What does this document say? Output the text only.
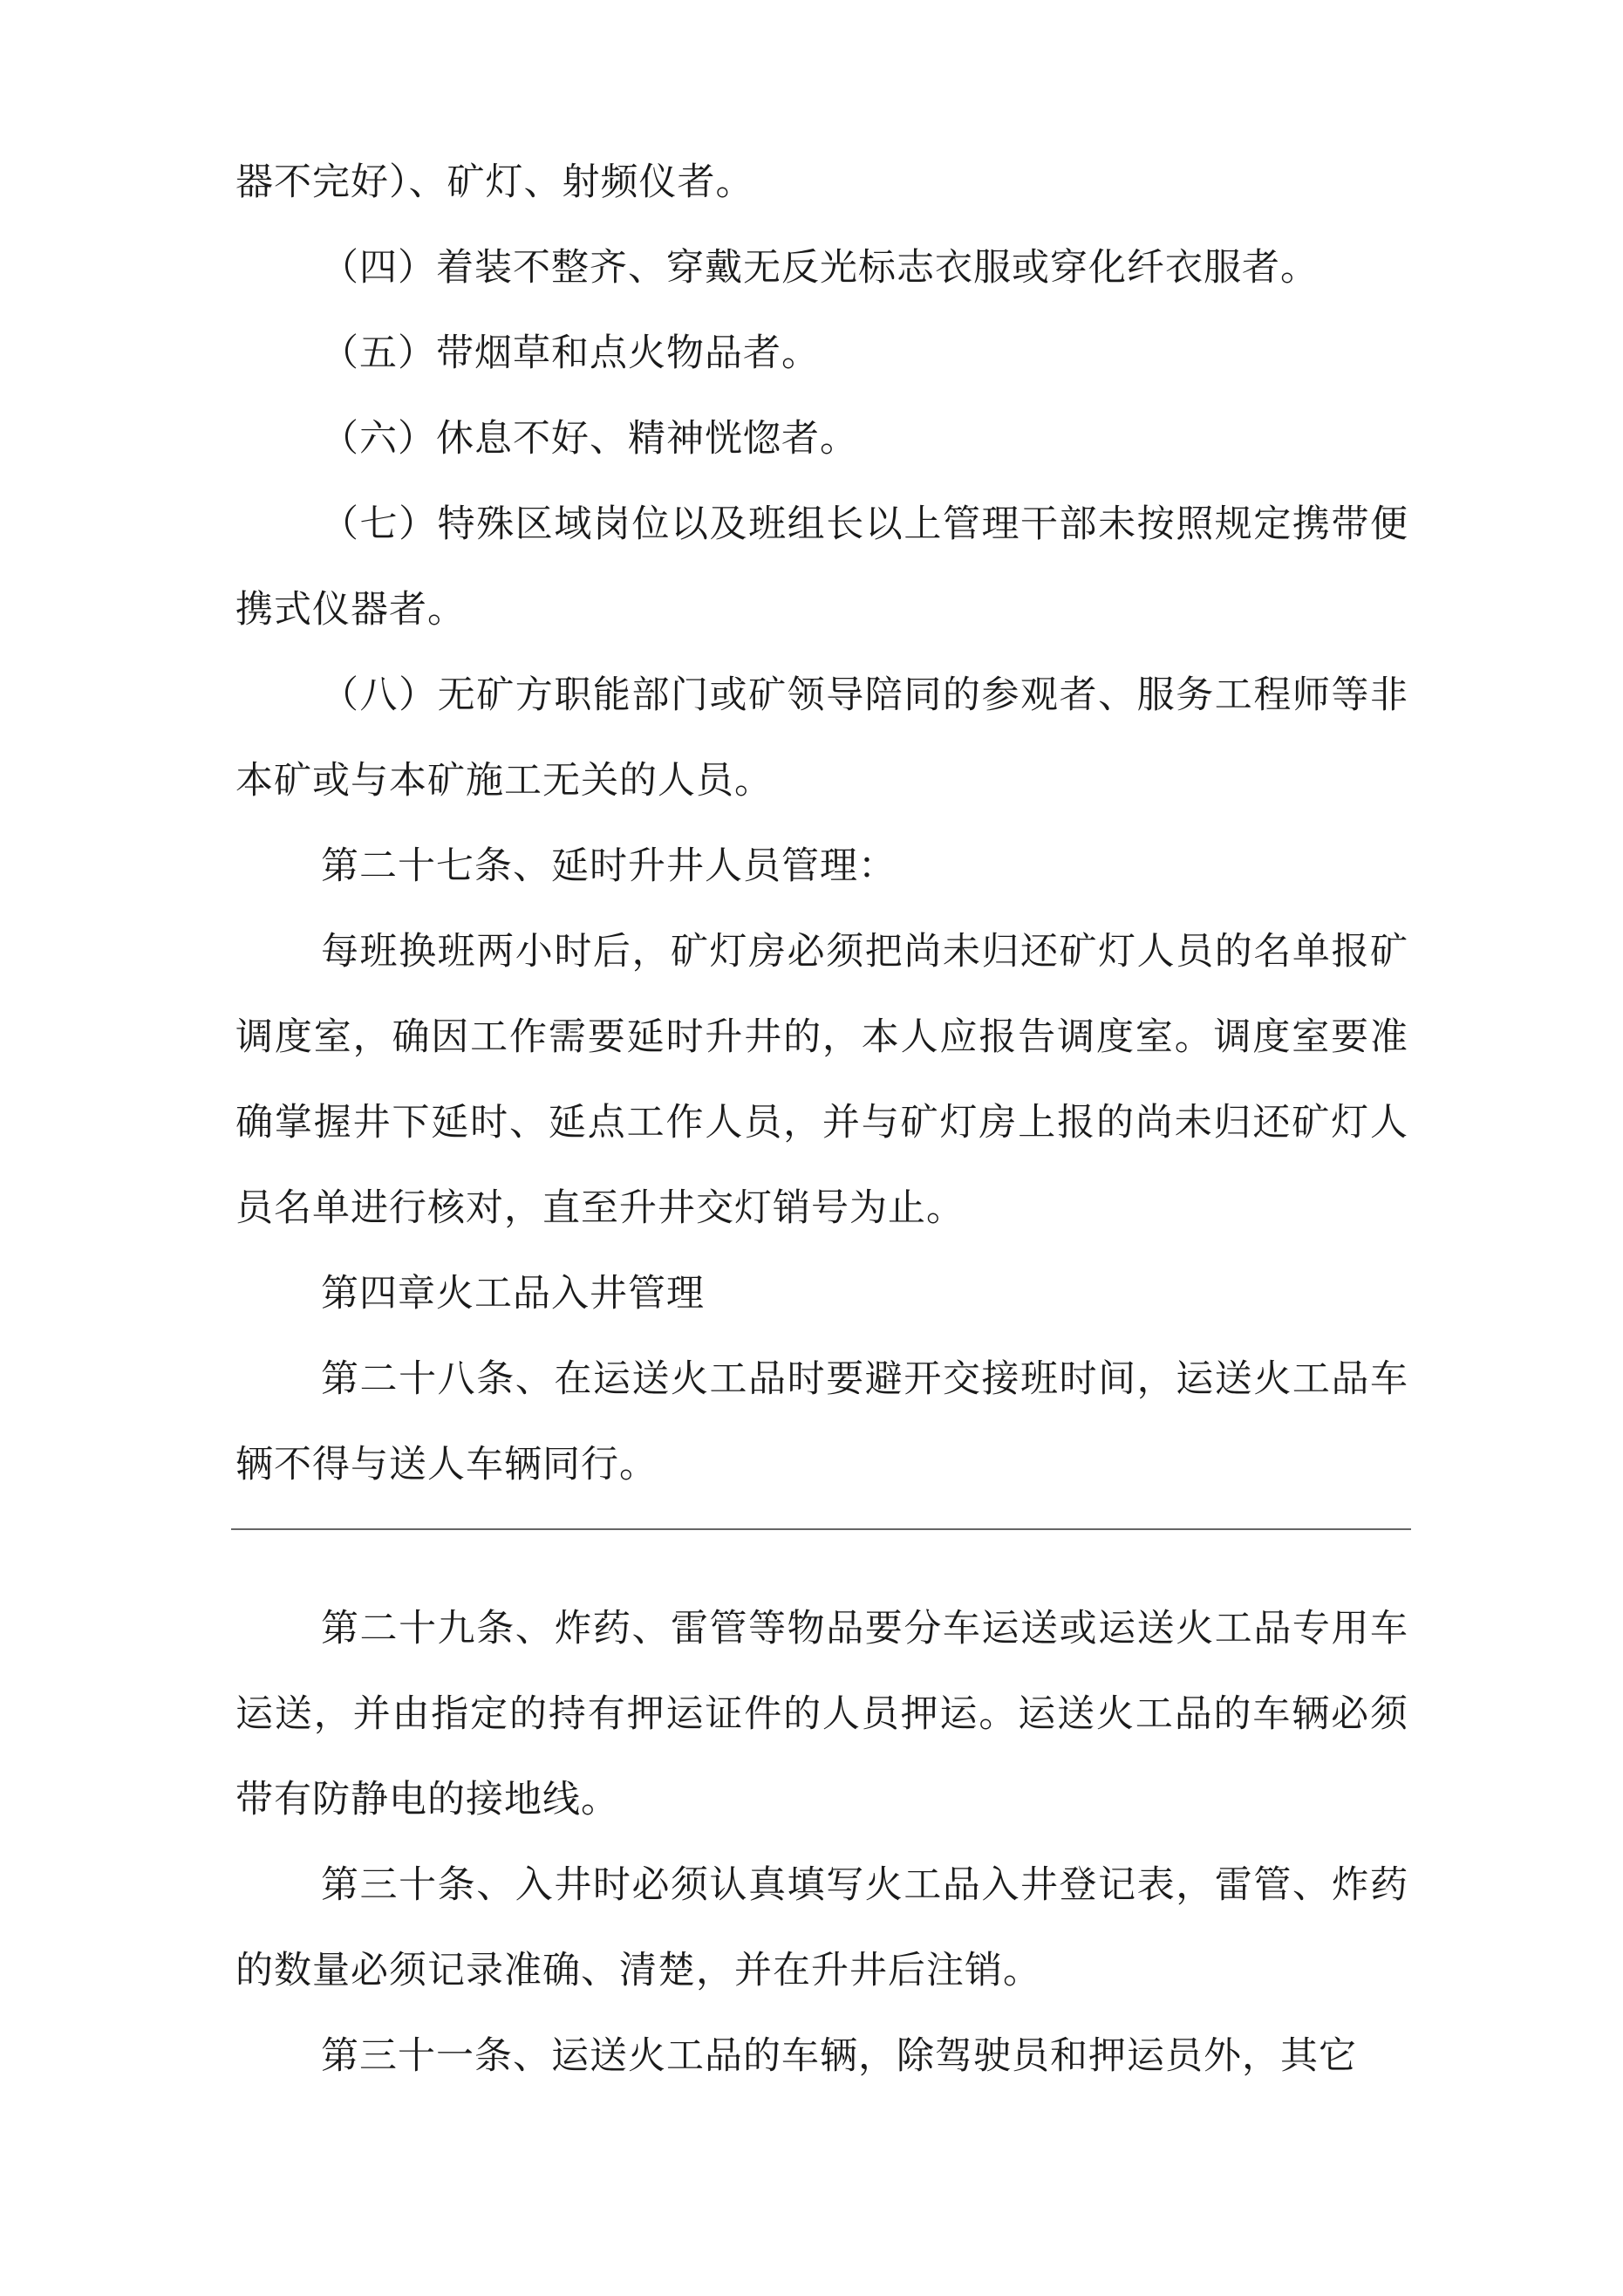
器不完好）、矿灯、射频仪者。

（四）着装不整齐、穿戴无反光标志衣服或穿化纤衣服者。

（五）带烟草和点火物品者。

（六）休息不好、精神恍惚者。

（七）特殊区域岗位以及班组长以上管理干部未按照规定携带便携式仪器者。

（八）无矿方职能部门或矿领导陪同的参观者、服务工程师等非本矿或与本矿施工无关的人员。

第二十七条、延时升井人员管理：

每班换班两小时后，矿灯房必须把尚未归还矿灯人员的名单报矿调度室，确因工作需要延时升井的，本人应报告调度室。调度室要准确掌握井下延时、延点工作人员，并与矿灯房上报的尚未归还矿灯人员名单进行核对，直至升井交灯销号为止。

第四章火工品入井管理

第二十八条、在运送火工品时要避开交接班时间，运送火工品车辆不得与送人车辆同行。

第二十九条、炸药、雷管等物品要分车运送或运送火工品专用车运送，并由指定的持有押运证件的人员押运。运送火工品的车辆必须带有防静电的接地线。

第三十条、入井时必须认真填写火工品入井登记表，雷管、炸药的数量必须记录准确、清楚，并在升井后注销。

第三十一条、运送火工品的车辆，除驾驶员和押运员外，其它
